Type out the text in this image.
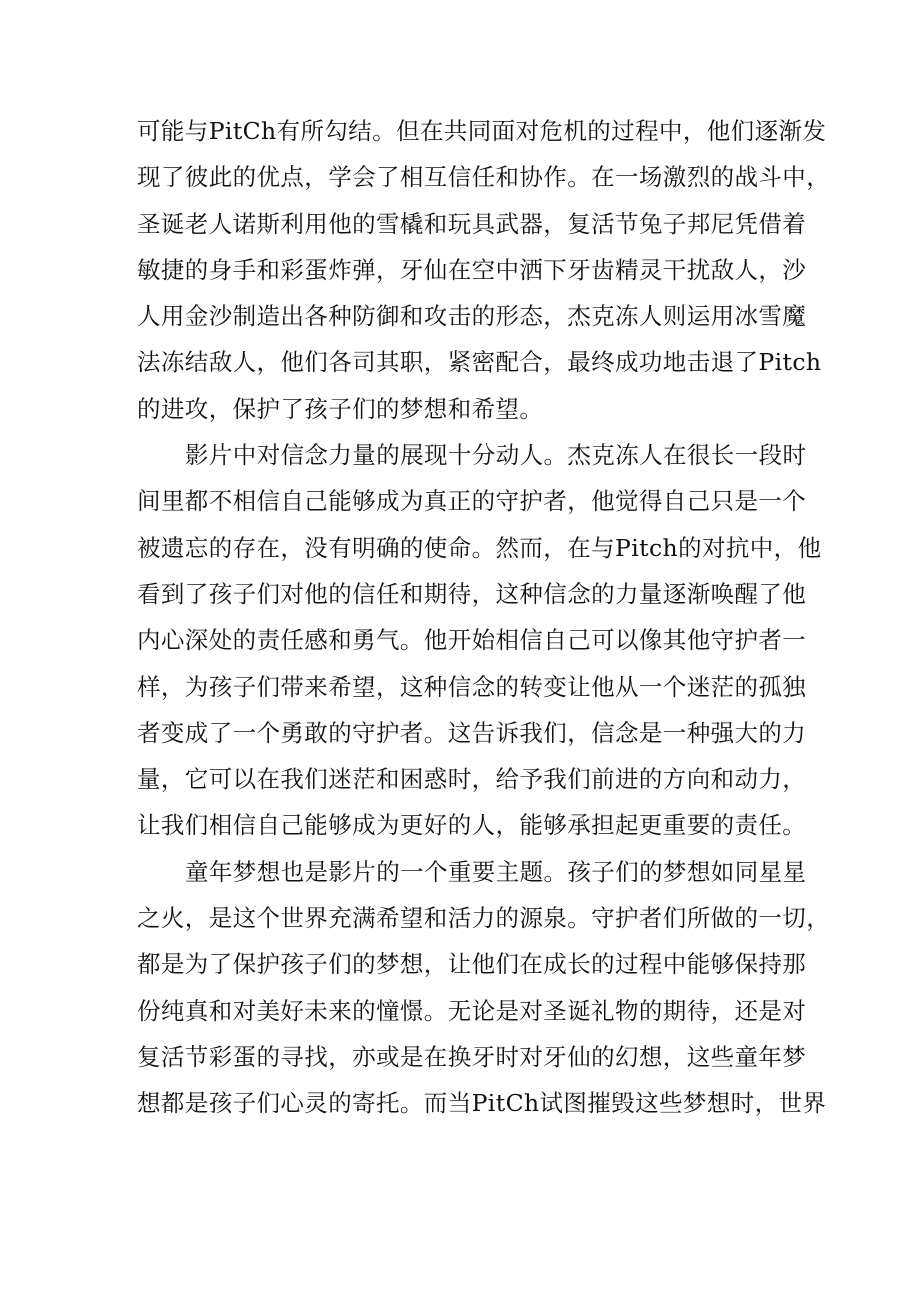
可能与PitCh有所勾结。但在共同面对危机的过程中，他们逐渐发
现了彼此的优点，学会了相互信任和协作。在一场激烈的战斗中，
圣诞老人诺斯利用他的雪橇和玩具武器，复活节兔子邦尼凭借着
敏捷的身手和彩蛋炸弹，牙仙在空中洒下牙齿精灵干扰敌人，沙
人用金沙制造出各种防御和攻击的形态，杰克冻人则运用冰雪魔
法冻结敌人，他们各司其职，紧密配合，最终成功地击退了Pitch
的进攻，保护了孩子们的梦想和希望。
影片中对信念力量的展现十分动人。杰克冻人在很长一段时
间里都不相信自己能够成为真正的守护者，他觉得自己只是一个
被遗忘的存在，没有明确的使命。然而，在与Pitch的对抗中，他
看到了孩子们对他的信任和期待，这种信念的力量逐渐唤醒了他
内心深处的责任感和勇气。他开始相信自己可以像其他守护者一
样，为孩子们带来希望，这种信念的转变让他从一个迷茫的孤独
者变成了一个勇敢的守护者。这告诉我们，信念是一种强大的力
量，它可以在我们迷茫和困惑时，给予我们前进的方向和动力，
让我们相信自己能够成为更好的人，能够承担起更重要的责任。
童年梦想也是影片的一个重要主题。孩子们的梦想如同星星
之火，是这个世界充满希望和活力的源泉。守护者们所做的一切，
都是为了保护孩子们的梦想，让他们在成长的过程中能够保持那
份纯真和对美好未来的憧憬。无论是对圣诞礼物的期待，还是对
复活节彩蛋的寻找，亦或是在换牙时对牙仙的幻想，这些童年梦
想都是孩子们心灵的寄托。而当PitCh试图摧毁这些梦想时，世界
